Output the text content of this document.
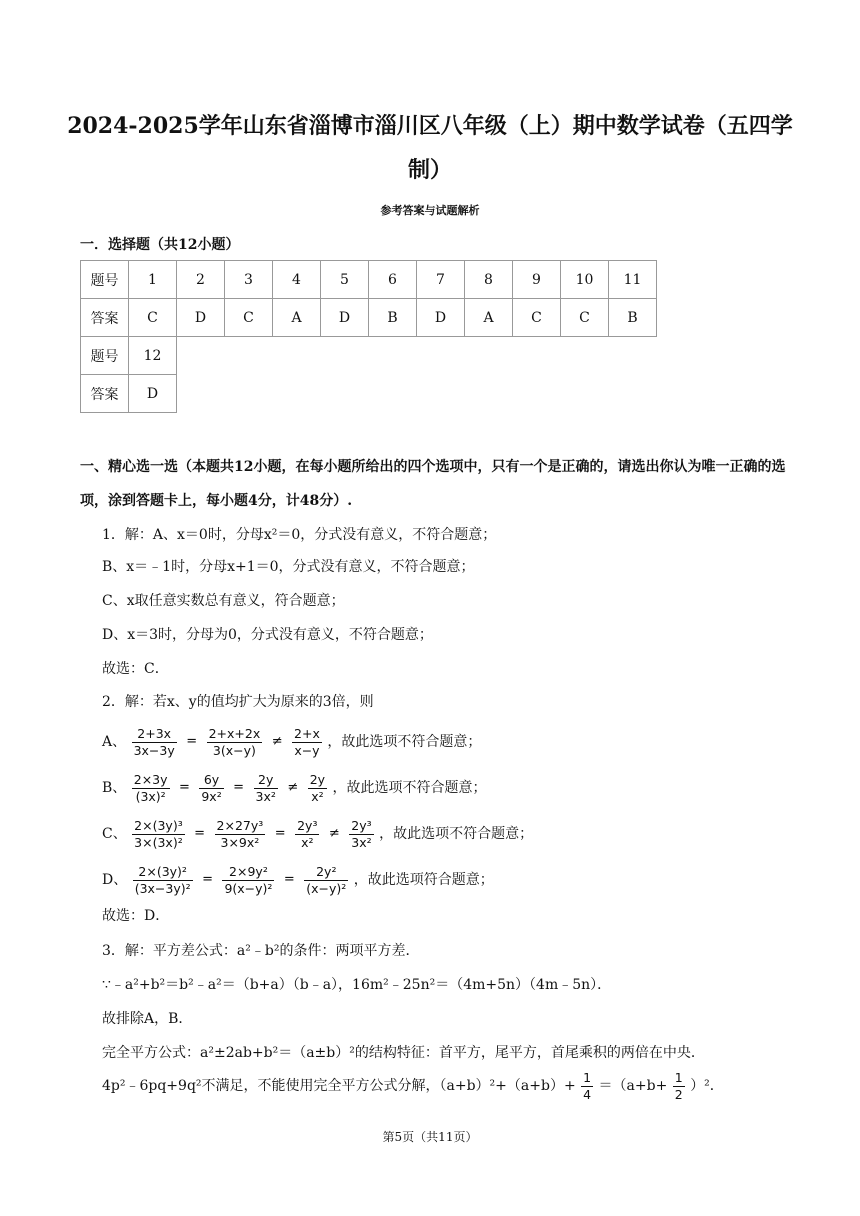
2024-2025学年山东省淄博市淄川区八年级（上）期中数学试卷（五四学制）
参考答案与试题解析
一．选择题（共12小题）
题号	1	2	3	4	5	6	7	8	9	10	11
答案	C	D	C	A	D	B	D	A	C	C	B
题号	12
答案	D
一、精心选一选（本题共12小题，在每小题所给出的四个选项中，只有一个是正确的，请选出你认为唯一正确的选项，涂到答题卡上，每小题4分，计48分）.
1．解：A、x＝0时，分母x²＝0，分式没有意义，不符合题意；
B、x＝﹣1时，分母x+1＝0，分式没有意义，不符合题意；
C、x取任意实数总有意义，符合题意；
D、x＝3时，分母为0，分式没有意义，不符合题意；
故选：C．
2．解：若x、y的值均扩大为原来的3倍，则
A、 $\frac{2+3x}{3x-3y} = \frac{2+x+2x}{3(x-y)} \ne \frac{2+x}{x-y}$ ，故此选项不符合题意；
B、 $\frac{2\times 3y}{\text{(3x)²}} = \frac{6y}{\text{9x²}} = \frac{2y}{\text{3x²}} \ne \frac{2y}{\text{x²}}$ ，故此选项不符合题意；
C、 $\frac{\text{2×(3y)³}}{\text{3×(3x)²}} = \frac{\text{2×27y³}}{\text{3×9x²}} = \frac{\text{2y³}}{\text{x²}} \ne \frac{\text{2y³}}{\text{3x²}}$ ，故此选项不符合题意；
D、 $\frac{\text{2×(3y)²}}{\text{(3x−3y)²}} = \frac{\text{2×9y²}}{\text{9(x−y)²}} = \frac{\text{2y²}}{\text{(x−y)²}}$ ，故此选项符合题意；
故选：D．
3．解：平方差公式：a²﹣b²的条件：两项平方差．
∵﹣a²+b²＝b²﹣a²＝（b+a）（b﹣a），16m²﹣25n²＝（4m+5n）（4m﹣5n）．
故排除A，B．
完全平方公式：a²±2ab+b²＝（a±b）²的结构特征：首平方，尾平方，首尾乘积的两倍在中央．
4p²﹣6pq+9q²不满足，不能使用完全平方公式分解，$(a+b)^2+(a+b)+ \frac{1}{4} =(a+b+ \frac{1}{2} )^2$．
第5页（共11页）
